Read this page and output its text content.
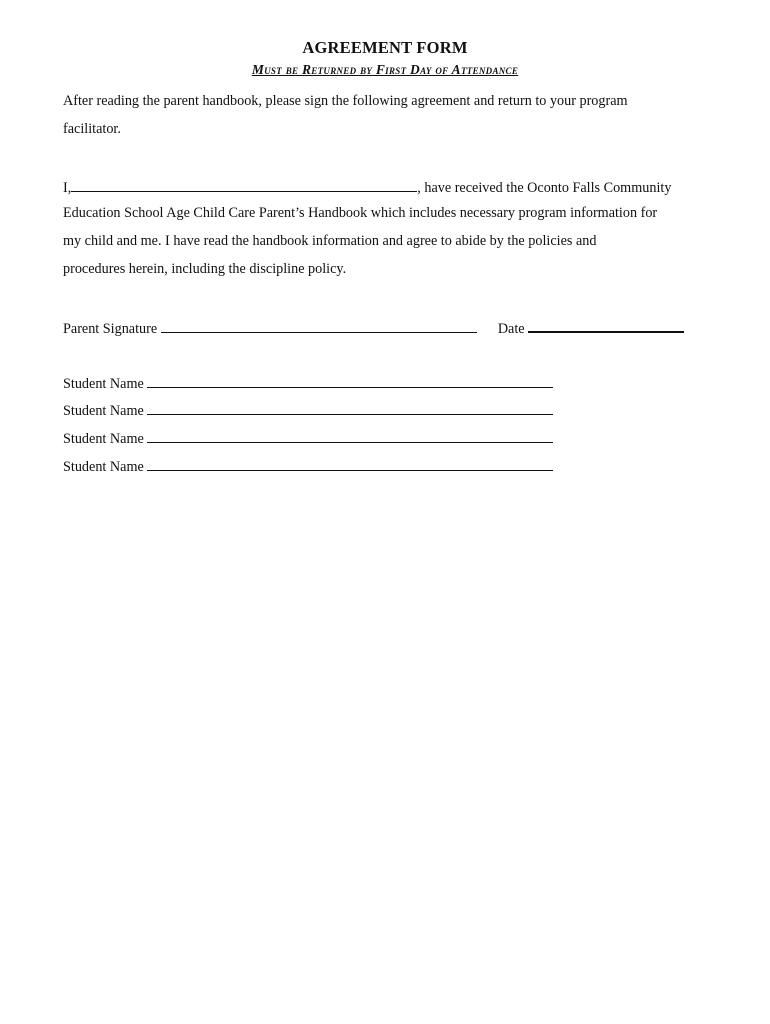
AGREEMENT FORM
Must be Returned by First Day of Attendance
After reading the parent handbook, please sign the following agreement and return to your program
facilitator.
I,	, have received the Oconto Falls Community
Education School Age Child Care Parent’s Handbook which includes necessary program information for
my child and me. I have read the handbook information and agree to abide by the policies and
procedures herein, including the discipline policy.
Parent Signature	Date
Student Name
Student Name
Student Name
Student Name
